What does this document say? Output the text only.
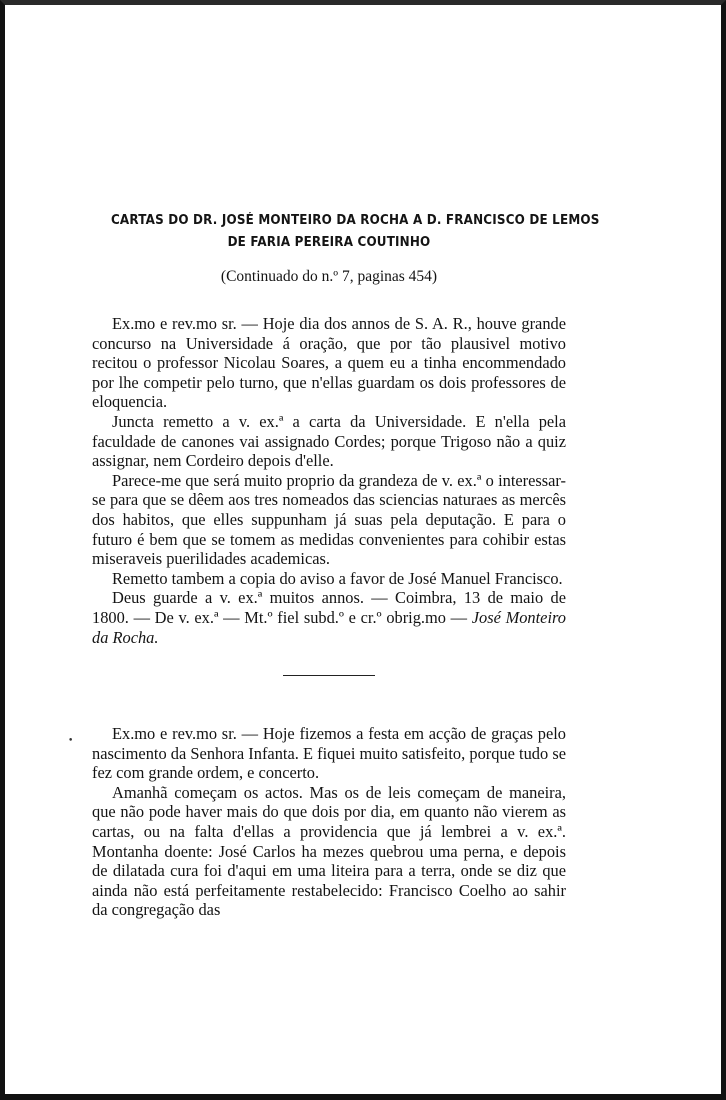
•
CARTAS DO DR. JOSÉ MONTEIRO DA ROCHA A D. FRANCISCO DE LEMOS
DE FARIA PEREIRA COUTINHO
(Continuado do n.º 7, paginas 454)

Ex.mo e rev.mo sr. — Hoje dia dos annos de S. A. R., houve grande concurso na Universidade á oração, que por tão plausivel motivo recitou o professor Nicolau Soares, a quem eu a tinha encommendado por lhe competir pelo turno, que n'ellas guardam os dois professores de eloquencia.

Juncta remetto a v. ex.ª a carta da Universidade. E n'ella pela faculdade de canones vai assignado Cordes; porque Trigoso não a quiz assignar, nem Cordeiro depois d'elle.

Parece-me que será muito proprio da grandeza de v. ex.ª o interessar-se para que se dêem aos tres nomeados das sciencias naturaes as mercês dos habitos, que elles suppunham já suas pela deputação. E para o futuro é bem que se tomem as medidas convenientes para cohibir estas miseraveis puerilidades academicas.

Remetto tambem a copia do aviso a favor de José Manuel Francisco.

Deus guarde a v. ex.ª muitos annos. — Coimbra, 13 de maio de 1800. — De v. ex.ª — Mt.º fiel subd.º e cr.º obrig.mo — José Monteiro da Rocha.

Ex.mo e rev.mo sr. — Hoje fizemos a festa em acção de graças pelo nascimento da Senhora Infanta. E fiquei muito satisfeito, porque tudo se fez com grande ordem, e concerto.

Amanhã começam os actos. Mas os de leis começam de maneira, que não pode haver mais do que dois por dia, em quanto não vierem as cartas, ou na falta d'ellas a providencia que já lembrei a v. ex.ª. Montanha doente: José Carlos ha mezes quebrou uma perna, e depois de dilatada cura foi d'aqui em uma liteira para a terra, onde se diz que ainda não está perfeitamente restabelecido: Francisco Coelho ao sahir da congregação das
